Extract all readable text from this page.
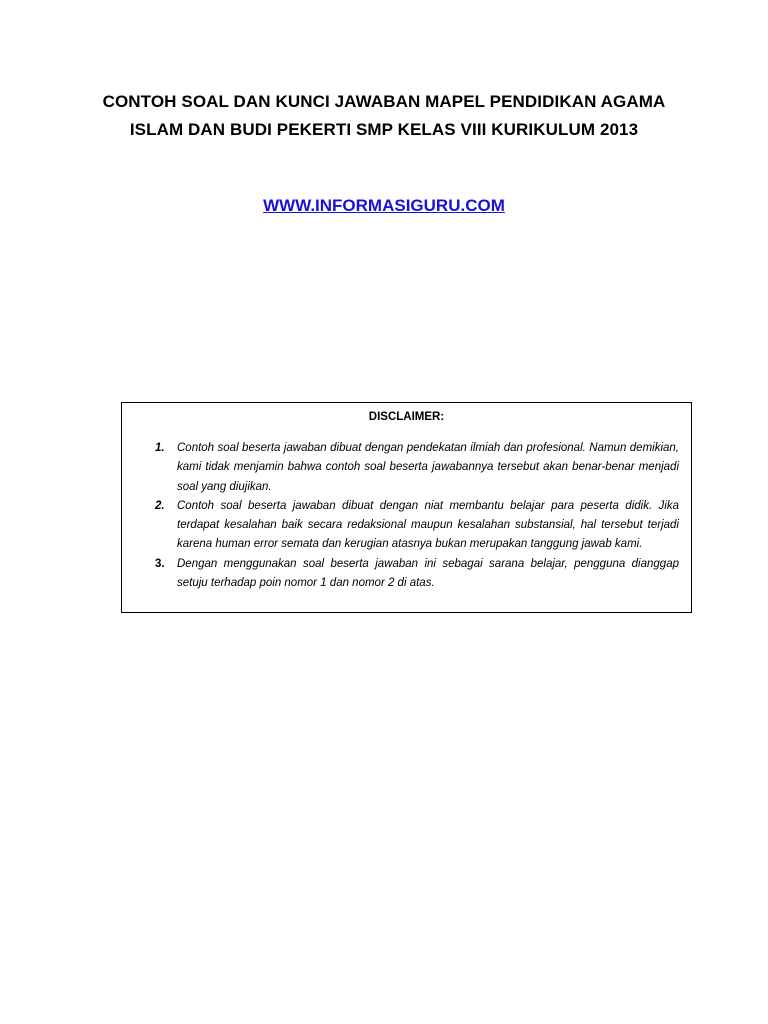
CONTOH SOAL DAN KUNCI JAWABAN MAPEL PENDIDIKAN AGAMA

ISLAM DAN BUDI PEKERTI SMP KELAS VIII KURIKULUM 2013

WWW.INFORMASIGURU.COM
DISCLAIMER:
1. Contoh soal beserta jawaban dibuat dengan pendekatan ilmiah dan profesional. Namun demikian, kami tidak menjamin bahwa contoh soal beserta jawabannya tersebut akan benar-benar menjadi soal yang diujikan.
2. Contoh soal beserta jawaban dibuat dengan niat membantu belajar para peserta didik. Jika terdapat kesalahan baik secara redaksional maupun kesalahan substansial, hal tersebut terjadi karena human error semata dan kerugian atasnya bukan merupakan tanggung jawab kami.
3. Dengan menggunakan soal beserta jawaban ini sebagai sarana belajar, pengguna dianggap setuju terhadap poin nomor 1 dan nomor 2 di atas.
